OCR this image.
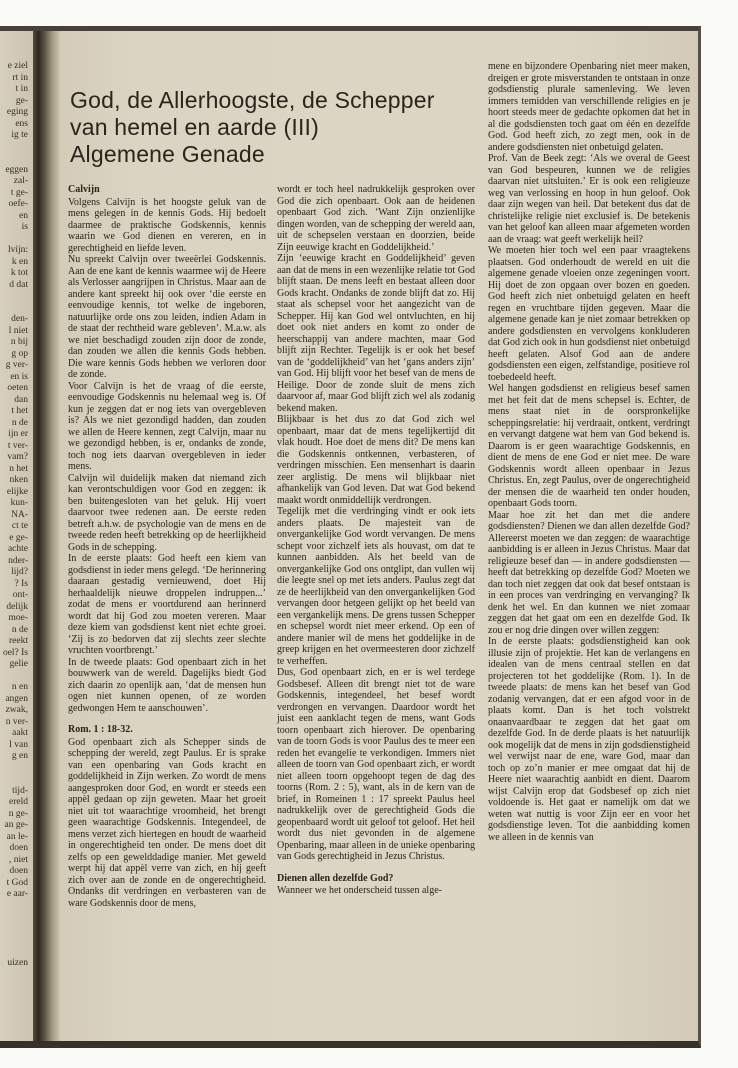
e ziel
rt in
t in
ge-
eging
ens
ig te

eggen
zal-
t ge-
oefe-
en
is

lvijn:
k en
k tot
d dat

den-
l niet
n bij
g op
g ver-
en is
oeten
dan
t het
n de
ijn er
t ver-
vam?
n het
nken
elijke
kun-
NA-
ct te
e ge-
achte
nder-
lijd?
? Is
ont-
delijk
moe-
n de
reekt
oel? Is
gelie

n en
angen
zwak,
n ver-
aakt
l van
g en

tijd-
ereld
n ge-
an ge-
an le-
doen
, niet
doen
t God
e aar-

uizen
God, de Allerhoogste, de Schepper
van hemel en aarde (III)
Algemene Genade
Calvijn

Volgens Calvijn is het hoogste geluk van de mens gelegen in de kennis Gods. Hij bedoelt daarmee de praktische Godskennis, kennis waarin we God dienen en vereren, en in gerechtigheid en liefde leven.

Nu spreekt Calvijn over tweeërlei Godskennis. Aan de ene kant de kennis waarmee wij de Heere als Verlosser aangrijpen in Christus. Maar aan de andere kant spreekt hij ook over ‘die eerste en eenvoudige kennis, tot welke de ingeboren, natuurlijke orde ons zou leiden, indien Adam in de staat der rechtheid ware gebleven’. M.a.w. als we niet beschadigd zouden zijn door de zonde, dan zouden we allen die kennis Gods hebben. Die ware kennis Gods hebben we verloren door de zonde.

Voor Calvijn is het de vraag of die eerste, eenvoudige Godskennis nu helemaal weg is. Of kun je zeggen dat er nog iets van overgebleven is? Als we niet gezondigd hadden, dan zouden we allen de Heere kennen, zegt Calvijn, maar nu we gezondigd hebben, is er, ondanks de zonde, toch nog iets daarvan overgebleven in ieder mens.

Calvijn wil duidelijk maken dat niemand zich kan verontschuldigen voor God en zeggen: ik ben buitengesloten van het geluk. Hij voert daarvoor twee redenen aan. De eerste reden betreft a.h.w. de psychologie van de mens en de tweede reden heeft betrekking op de heerlijkheid Gods in de schepping.

In de eerste plaats: God heeft een kiem van godsdienst in ieder mens gelegd. ‘De herinnering daaraan gestadig vernieuwend, doet Hij herhaaldelijk nieuwe droppelen indruppen...’ zodat de mens er voortdurend aan herinnerd wordt dat hij God zou moeten vereren. Maar deze kiem van godsdienst kent niet echte groei. ‘Zij is zo bedorven dat zij slechts zeer slechte vruchten voortbrengt.’

In de tweede plaats: God openbaart zich in het bouwwerk van de wereld. Dagelijks biedt God zich daarin zo openlijk aan, ‘dat de mensen hun ogen niet kunnen openen, of ze worden gedwongen Hem te aanschouwen’.

Rom. 1 : 18-32.

God openbaart zich als Schepper sinds de schepping der wereld, zegt Paulus. Er is sprake van een openbaring van Gods kracht en goddelijkheid in Zijn werken. Zo wordt de mens aangesproken door God, en wordt er steeds een appèl gedaan op zijn geweten. Maar het groeit niet uit tot waarachtige vroomheid, het brengt geen waarachtige Godskennis. Integendeel, de mens verzet zich hiertegen en houdt de waarheid in ongerechtigheid ten onder. De mens doet dit zelfs op een gewelddadige manier. Met geweld werpt hij dat appèl verre van zich, en hij geeft zich over aan de zonde en de ongerechtigheid. Ondanks dit verdringen en verbasteren van de ware Godskennis door de mens,

wordt er toch heel nadrukkelijk gesproken over God die zich openbaart. Ook aan de heidenen openbaart God zich. ‘Want Zijn onzienlijke dingen worden, van de schepping der wereld aan, uit de schepselen verstaan en doorzien, beide Zijn eeuwige kracht en Goddelijkheid.’

Zijn ‘eeuwige kracht en Goddelijkheid’ geven aan dat de mens in een wezenlijke relatie tot God blijft staan. De mens leeft en bestaat alleen door Gods kracht. Ondanks de zonde blijft dat zo. Hij staat als schepsel voor het aangezicht van de Schepper. Hij kan God wel ontvluchten, en hij doet ook niet anders en komt zo onder de heerschappij van andere machten, maar God blijft zijn Rechter. Tegelijk is er ook het besef van de ‘goddelijkheid’ van het ‘gans anders zijn’ van God. Hij blijft voor het besef van de mens de Heilige. Door de zonde sluit de mens zich daarvoor af, maar God blijft zich wel als zodanig bekend maken.

Blijkbaar is het dus zo dat God zich wel openbaart, maar dat de mens tegelijkertijd dit vlak houdt. Hoe doet de mens dit? De mens kan die Godskennis ontkennen, verbasteren, of verdringen misschien. Een mensenhart is daarin zeer arglistig. De mens wil blijkbaar niet afhankelijk van God leven. Dat wat God bekend maakt wordt onmiddellijk verdrongen.

Tegelijk met die verdringing vindt er ook iets anders plaats. De majesteit van de onvergankelijke God wordt vervangen. De mens schept voor zichzelf iets als houvast, om dat te kunnen aanbidden. Als het beeld van de onvergankelijke God ons ontglipt, dan vullen wij die leegte snel op met iets anders. Paulus zegt dat ze de heerlijkheid van den onvergankelijken God vervangen door hetgeen gelijkt op het beeld van een vergankelijk mens. De grens tussen Schepper en schepsel wordt niet meer erkend. Op een of andere manier wil de mens het goddelijke in de greep krijgen en het overmeesteren door zichzelf te verheffen.

Dus, God openbaart zich, en er is wel terdege Godsbesef. Alleen dit brengt niet tot de ware Godskennis, integendeel, het besef wordt verdrongen en vervangen. Daardoor wordt het juist een aanklacht tegen de mens, want Gods toorn openbaart zich hierover. De openbaring van de toorn Gods is voor Paulus des te meer een reden het evangelie te verkondigen. Immers niet alleen de toorn van God openbaart zich, er wordt niet alleen toorn opgehoopt tegen de dag des toorns (Rom. 2 : 5), want, als in de kern van de brief, in Romeinen 1 : 17 spreekt Paulus heel nadrukkelijk over de gerechtigheid Gods die geopenbaard wordt uit geloof tot geloof. Het heil wordt dus niet gevonden in de algemene Openbaring, maar alleen in de unieke openbaring van Gods gerechtigheid in Jezus Christus.

Dienen allen dezelfde God?

Wanneer we het onderscheid tussen alge-

mene en bijzondere Openbaring niet meer maken, dreigen er grote misverstanden te ontstaan in onze godsdienstig plurale samenleving. We leven immers temidden van verschillende religies en je hoort steeds meer de gedachte opkomen dat het in al die godsdiensten toch gaat om één en dezelfde God. God heeft zich, zo zegt men, ook in de andere godsdiensten niet onbetuigd gelaten.

Prof. Van de Beek zegt: ‘Als we overal de Geest van God bespeuren, kunnen we de religies daarvan niet uitsluiten.’ Er is ook een religieuze weg van verlossing en hoop in hun geloof. Ook daar zijn wegen van heil. Dat betekent dus dat de christelijke religie niet exclusief is. De betekenis van het geloof kan alleen maar afgemeten worden aan de vraag: wat geeft werkelijk heil?

We moeten hier toch wel een paar vraagtekens plaatsen. God onderhoudt de wereld en uit die algemene genade vloeien onze zegeningen voort. Hij doet de zon opgaan over bozen en goeden. God heeft zich niet onbetuigd gelaten en heeft regen en vruchtbare tijden gegeven. Maar die algemene genade kan je niet zomaar betrekken op andere godsdiensten en vervolgens konkluderen dat God zich ook in hun godsdienst niet onbetuigd heeft gelaten. Alsof God aan de andere godsdiensten een eigen, zelfstandige, positieve rol toebedeeld heeft.

Wel hangen godsdienst en religieus besef samen met het feit dat de mens schepsel is. Echter, de mens staat niet in de oorspronkelijke scheppingsrelatie: hij verdraait, ontkent, verdringt en vervangt datgene wat hem van God bekend is. Daarom is er geen waarachtige Godskennis, en dient de mens de ene God er niet mee. De ware Godskennis wordt alleen openbaar in Jezus Christus. En, zegt Paulus, over de ongerechtigheid der mensen die de waarheid ten onder houden, openbaart Gods toorn.

Maar hoe zit het dan met die andere godsdiensten? Dienen we dan allen dezelfde God? Allereerst moeten we dan zeggen: de waarachtige aanbidding is er alleen in Jezus Christus. Maar dat religieuze besef dan — in andere godsdiensten — heeft dat betrekking op dezelfde God? Moeten we dan toch niet zeggen dat ook dat besef ontstaan is in een proces van verdringing en vervanging? Ik denk het wel. En dan kunnen we niet zomaar zeggen dat het gaat om een en dezelfde God. Ik zou er nog drie dingen over willen zeggen:

In de eerste plaats: godsdienstigheid kan ook illusie zijn of projektie. Het kan de verlangens en idealen van de mens centraal stellen en dat projecteren tot het goddelijke (Rom. 1). In de tweede plaats: de mens kan het besef van God zodanig vervangen, dat er een afgod voor in de plaats komt. Dan is het toch volstrekt onaanvaardbaar te zeggen dat het gaat om dezelfde God. In de derde plaats is het natuurlijk ook mogelijk dat de mens in zijn godsdienstigheid wel verwijst naar de ene, ware God, maar dan toch op zo’n manier er mee omgaat dat hij de Heere niet waarachtig aanbidt en dient. Daarom wijst Calvijn erop dat Godsbesef op zich niet voldoende is. Het gaat er namelijk om dat we weten wat nuttig is voor Zijn eer en voor het godsdienstige leven. Tot die aanbidding komen we alleen in de kennis van
